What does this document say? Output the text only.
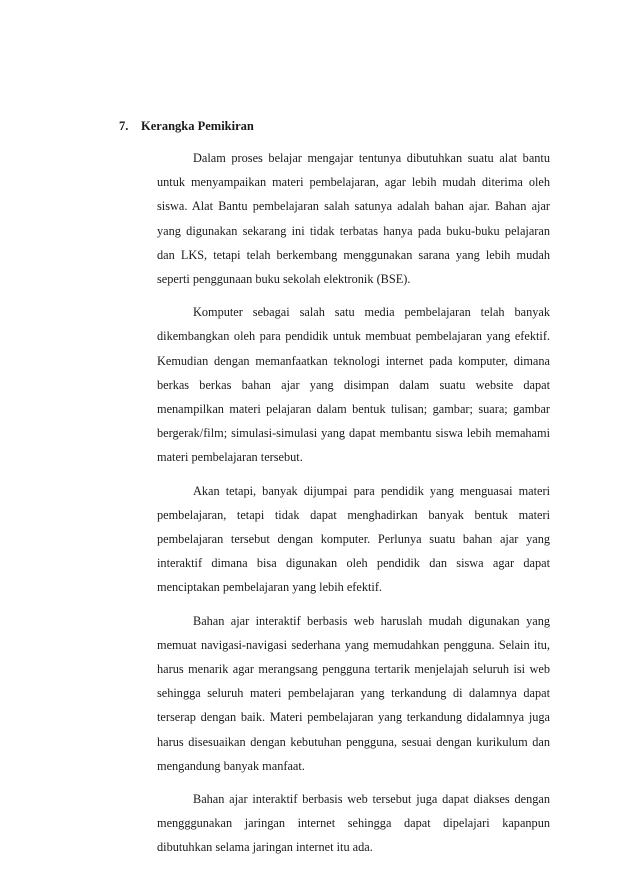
7. Kerangka Pemikiran

Dalam proses belajar mengajar tentunya dibutuhkan suatu alat bantu untuk menyampaikan materi pembelajaran, agar lebih mudah diterima oleh siswa. Alat Bantu pembelajaran salah satunya adalah bahan ajar. Bahan ajar yang digunakan sekarang ini tidak terbatas hanya pada buku-buku pelajaran dan LKS, tetapi telah berkembang menggunakan sarana yang lebih mudah seperti penggunaan buku sekolah elektronik (BSE).

Komputer sebagai salah satu media pembelajaran telah banyak dikembangkan oleh para pendidik untuk membuat pembelajaran yang efektif. Kemudian dengan memanfaatkan teknologi internet pada komputer, dimana berkas berkas bahan ajar yang disimpan dalam suatu website dapat menampilkan materi pelajaran dalam bentuk tulisan; gambar; suara; gambar bergerak/film; simulasi-simulasi yang dapat membantu siswa lebih memahami materi pembelajaran tersebut.

Akan tetapi, banyak dijumpai para pendidik yang menguasai materi pembelajaran, tetapi tidak dapat menghadirkan banyak bentuk materi pembelajaran tersebut dengan komputer. Perlunya suatu bahan ajar yang interaktif dimana bisa digunakan oleh pendidik dan siswa agar dapat menciptakan pembelajaran yang lebih efektif.

Bahan ajar interaktif berbasis web haruslah mudah digunakan yang memuat navigasi-navigasi sederhana yang memudahkan pengguna. Selain itu, harus menarik agar merangsang pengguna tertarik menjelajah seluruh isi web sehingga seluruh materi pembelajaran yang terkandung di dalamnya dapat terserap dengan baik. Materi pembelajaran yang terkandung didalamnya juga harus disesuaikan dengan kebutuhan pengguna, sesuai dengan kurikulum dan mengandung banyak manfaat.

Bahan ajar interaktif berbasis web tersebut juga dapat diakses dengan mengggunakan jaringan internet sehingga dapat dipelajari kapanpun dibutuhkan selama jaringan internet itu ada.
